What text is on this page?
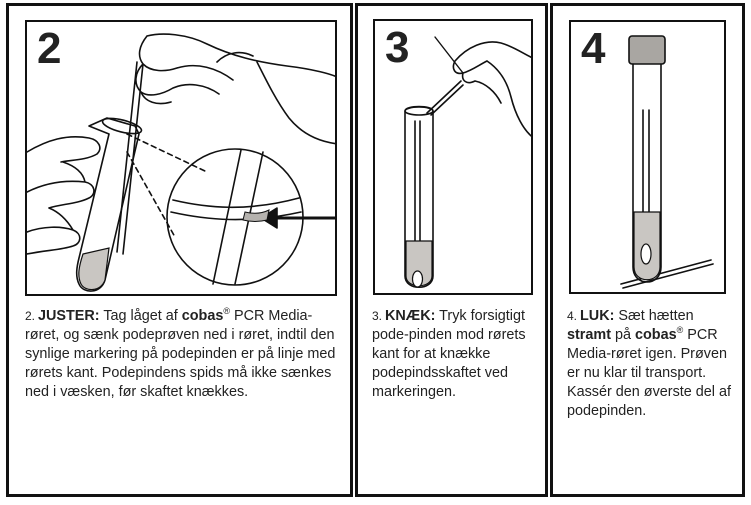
2
2. JUSTER: Tag låget af cobas® PCR Media-røret, og sænk podeprøven ned i røret, indtil den synlige markering på podepinden er på linje med rørets kant. Podepindens spids må ikke sænkes ned i væsken, før skaftet knækkes.
3
3. KNÆK: Tryk forsigtigt pode-pinden mod rørets kant for at knække podepindsskaftet ved markeringen.
4
4. LUK: Sæt hætten stramt på cobas® PCR Media-røret igen. Prøven er nu klar til transport. Kassér den øverste del af podepinden.
